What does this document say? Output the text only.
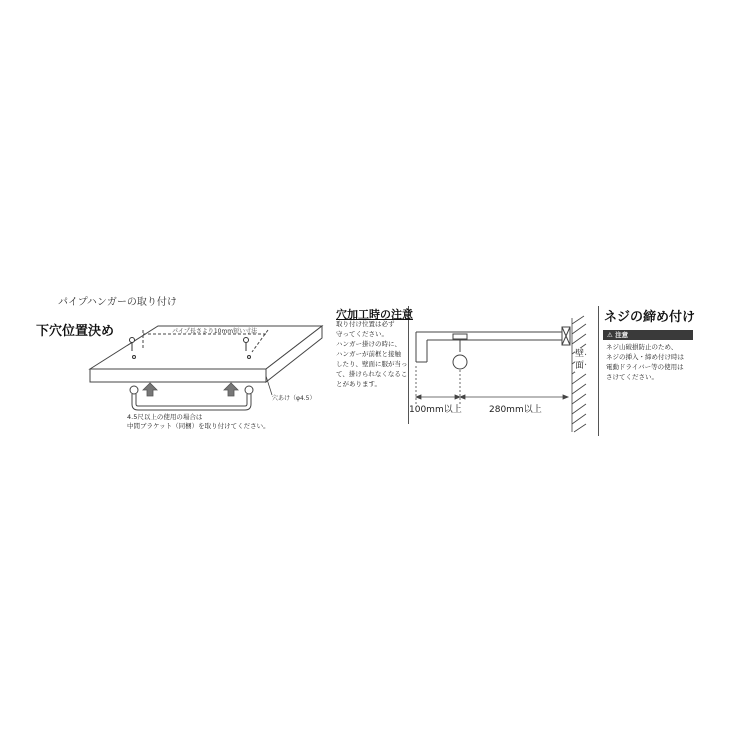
パイプハンガーの取り付け
下穴位置決め	パイプ長さより10mm短い寸法
穴あけ（φ4.5）
4.5尺以上の使用の場合は
中間ブラケット（同梱）を取り付けてください。
穴加工時の注意
取り付け位置は必ず
守ってください。
ハンガー掛けの時に、
ハンガーが前框と接触
したり、壁面に服が当っ
て、掛けられなくなるこ
とがあります。
100mm以上	280mm以上
壁面
ネジの締め付け
⚠ 注意
ネジ山破損防止のため、
ネジの挿入・締め付け時は
電動ドライバー等の使用は
さけてください。
